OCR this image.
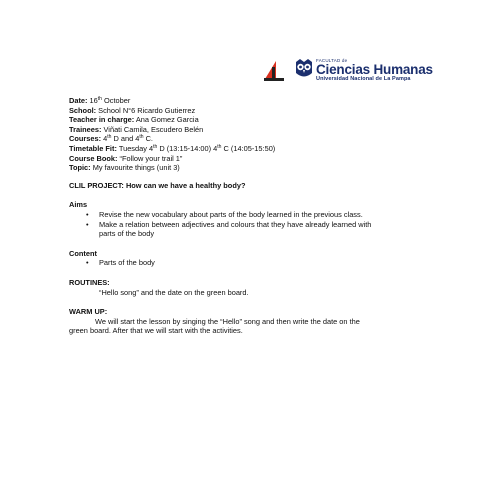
FACULTAD de
Ciencias Humanas
Universidad Nacional de La Pampa
Date: 16th October
School: School N°6 Ricardo Gutierrez
Teacher in charge: Ana Gomez Garcia
Trainees: Viñati Camila, Escudero Belén
Courses: 4th D and 4th C.
Timetable Fit: Tuesday 4th D (13:15-14:00) 4th C (14:05-15:50)
Course Book: “Follow your trail 1”
Topic: My favourite things (unit 3)
CLIL PROJECT: How can we have a healthy body?
Aims
• Revise the new vocabulary about parts of the body learned in the previous class.
• Make a relation between adjectives and colours that they have already learned with
parts of the body
Content
• Parts of the body
ROUTINES:
“Hello song” and the date on the green board.
WARM UP:
We will start the lesson by singing the “Hello” song and then write the date on the
green board. After that we will start with the activities.
